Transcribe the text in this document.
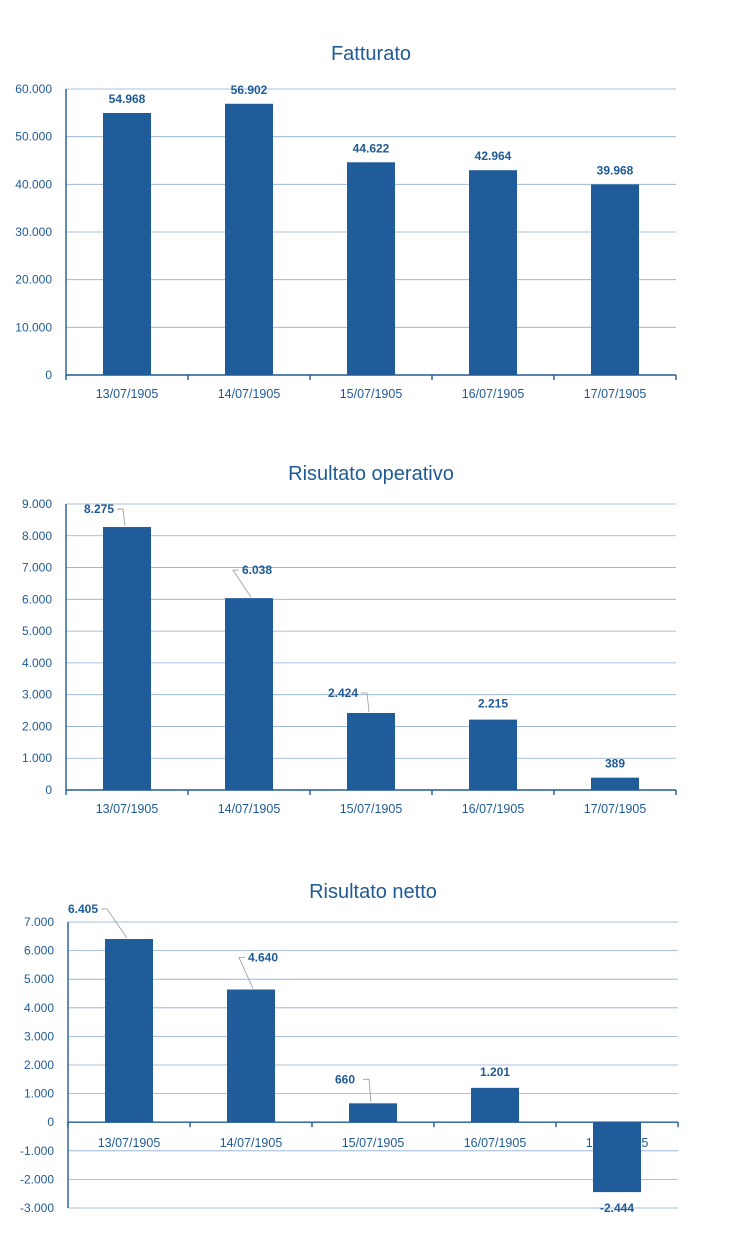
Fatturato
0
10.000
20.000
30.000
40.000
50.000
60.000
13/07/1905	14/07/1905	15/07/1905	16/07/1905	17/07/1905
54.968
56.902
44.622
42.964
39.968
Risultato operativo
0
1.000
2.000
3.000
4.000
5.000
6.000
7.000
8.000
9.000
13/07/1905	14/07/1905	15/07/1905	16/07/1905	17/07/1905
8.275
6.038
2.424
2.215
389
Risultato netto
-3.000
-2.000
-1.000
0
1.000
2.000
3.000
4.000
5.000
6.000
7.000
13/07/1905	14/07/1905	15/07/1905	16/07/1905	17/07/1905
6.405
4.640
660
1.201
-2.444
